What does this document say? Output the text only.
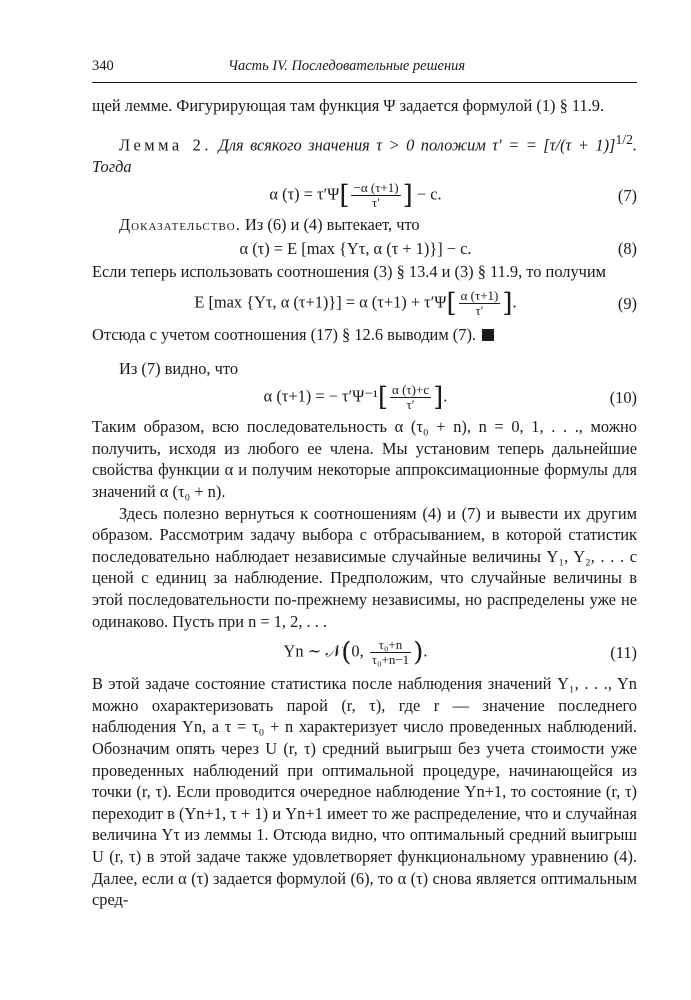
340	Часть IV. Последовательные решения

щей лемме. Фигурирующая там функция Ψ задается формулой (1) § 11.9.

Лемма 2. Для всякого значения τ > 0 положим τ′ = = $[\tau/(\tau + 1)]^{1/2}$. Тогда

α $(\tau) = \tau'\Psi[ \frac{-\alpha (\tau+1)}{\tau'}$ ] − c.	(7)

Доказательство. Из (6) и (4) вытекает, что

α (τ) = E [max {Yτ, α (τ + 1)}] − c.	(8)

Если теперь использовать соотношения (3) § 13.4 и (3) § 11.9, то получим

E [max {Yτ, α (τ+1)}] = α $(\tau+1) + \tau'\Psi[ \frac{\alpha (\tau+1)}{\tau'}$ ].	(9)

Отсюда с учетом соотношения (17) § 12.6 выводим (7).

Из (7) видно, что

α (τ+1) = − $\tau'\Psi^{-1}[ \frac{\alpha (\tau)+c}{\tau'}$ ].	(10)

Таким образом, всю последовательность α (τ₀ + n), n = 0, 1, . . ., можно получить, исходя из любого ее члена. Мы установим теперь дальнейшие свойства функции α и получим некоторые аппроксимационные формулы для значений α (τ₀ + n).

Здесь полезно вернуться к соотношениям (4) и (7) и вывести их другим образом. Рассмотрим задачу выбора с отбрасыванием, в которой статистик последовательно наблюдает независимые случайные величины Y₁, Y₂, . . . с ценой c единиц за наблюдение. Предположим, что случайные величины в этой последовательности по-прежнему независимы, но распределены уже не одинаково. Пусть при n = 1, 2, . . .

Yn ∼ 𝒩(0, $\frac{\text{τ₀+n}}{\text{τ₀+n−1}}$ ).	(11)

В этой задаче состояние статистика после наблюдения значений Y₁, . . ., Yn можно охарактеризовать парой (r, τ), где r — значение последнего наблюдения Yn, а τ = τ₀ + n характеризует число проведенных наблюдений. Обозначим опять через U (r, τ) средний выигрыш без учета стоимости уже проведенных наблюдений при оптимальной процедуре, начинающейся из точки (r, τ). Если проводится очередное наблюдение Yn+1, то состояние (r, τ) переходит в (Yn+1, τ + 1) и Yn+1 имеет то же распределение, что и случайная величина Yτ из леммы 1. Отсюда видно, что оптимальный средний выигрыш U (r, τ) в этой задаче также удовлетворяет функциональному уравнению (4). Далее, если α (τ) задается формулой (6), то α (τ) снова является оптимальным сред-
